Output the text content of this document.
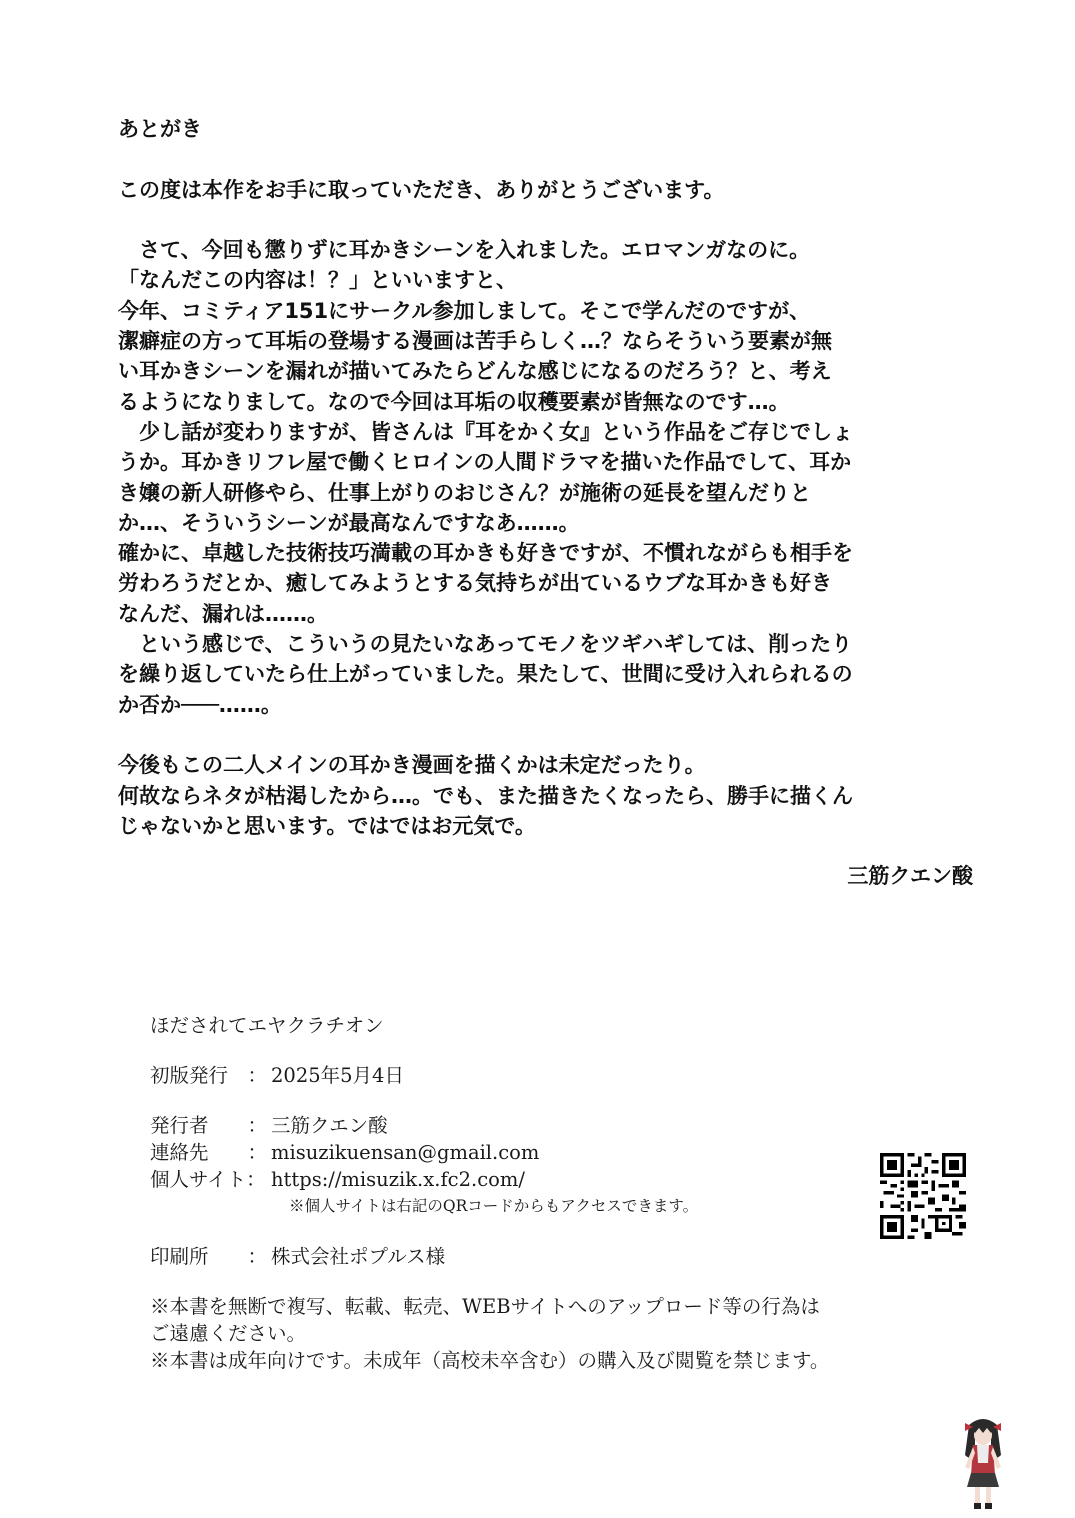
あとがき
この度は本作をお手に取っていただき、ありがとうございます。
　さて、今回も懲りずに耳かきシーンを入れました。エロマンガなのに。
「なんだこの内容は！？」といいますと、
今年、コミティア151にサークル参加しまして。そこで学んだのですが、
潔癖症の方って耳垢の登場する漫画は苦手らしく…？ならそういう要素が無
い耳かきシーンを漏れが描いてみたらどんな感じになるのだろう？と、考え
るようになりまして。なので今回は耳垢の収穫要素が皆無なのです…。
　少し話が変わりますが、皆さんは『耳をかく女』という作品をご存じでしょ
うか。耳かきリフレ屋で働くヒロインの人間ドラマを描いた作品でして、耳か
き嬢の新人研修やら、仕事上がりのおじさん？が施術の延長を望んだりと
か…、そういうシーンが最高なんですなあ……。
確かに、卓越した技術技巧満載の耳かきも好きですが、不慣れながらも相手を
労わろうだとか、癒してみようとする気持ちが出ているウブな耳かきも好き
なんだ、漏れは……。
　という感じで、こういうの見たいなあってモノをツギハギしては、削ったり
を繰り返していたら仕上がっていました。果たして、世間に受け入れられるの
か否か───……。
今後もこの二人メインの耳かき漫画を描くかは未定だったり。
何故ならネタが枯渇したから…。でも、また描きたくなったら、勝手に描くん
じゃないかと思います。ではではお元気で。
三筋クエン酸
ほだされてエヤクラチオン
初版発行　： 2025年5月4日
発行者　　： 三筋クエン酸
連絡先　　： misuzikuensan@gmail.com
個人サイト： https://misuzik.x.fc2.com/
※個人サイトは右記のQRコードからもアクセスできます。
印刷所　　： 株式会社ポプルス様
※本書を無断で複写、転載、転売、WEBサイトへのアップロード等の行為は
ご遠慮ください。
※本書は成年向けです。未成年（高校未卒含む）の購入及び閲覧を禁じます。
